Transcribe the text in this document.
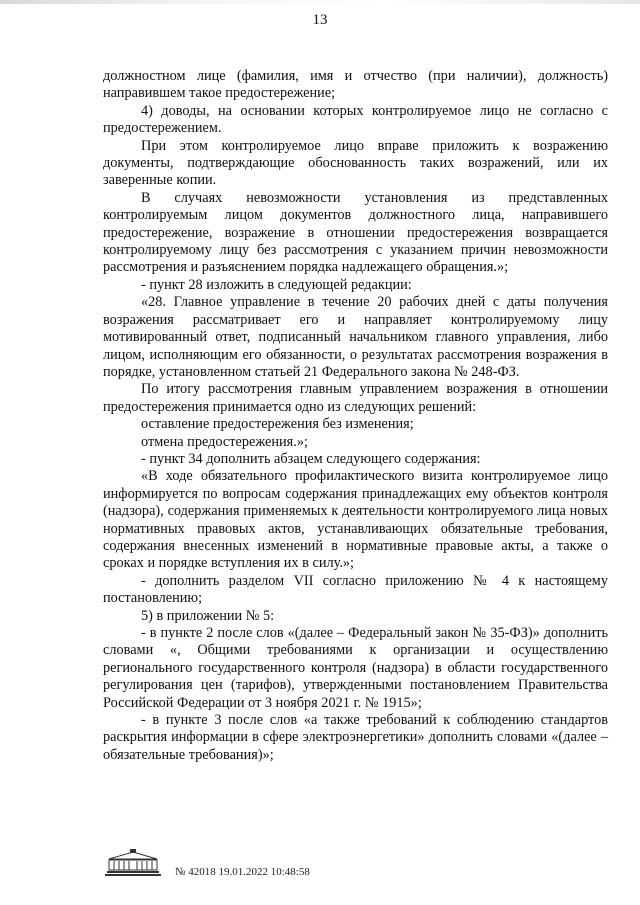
13

должностном лице (фамилия, имя и отчество (при наличии), должность) направившем такое предостережение;

4) доводы, на основании которых контролируемое лицо не согласно с предостережением.

При этом контролируемое лицо вправе приложить к возражению документы, подтверждающие обоснованность таких возражений, или их заверенные копии.

В случаях невозможности установления из представленных контролируемым лицом документов должностного лица, направившего предостережение, возражение в отношении предостережения возвращается контролируемому лицу без рассмотрения с указанием причин невозможности рассмотрения и разъяснением порядка надлежащего обращения.»;

- пункт 28 изложить в следующей редакции:

«28. Главное управление в течение 20 рабочих дней с даты получения возражения рассматривает его и направляет контролируемому лицу мотивированный ответ, подписанный начальником главного управления, либо лицом, исполняющим его обязанности, о результатах рассмотрения возражения в порядке, установленном статьей 21 Федерального закона № 248-ФЗ.

По итогу рассмотрения главным управлением возражения в отношении предостережения принимается одно из следующих решений:

оставление предостережения без изменения;

отмена предостережения.»;

- пункт 34 дополнить абзацем следующего содержания:

«В ходе обязательного профилактического визита контролируемое лицо информируется по вопросам содержания принадлежащих ему объектов контроля (надзора), содержания применяемых к деятельности контролируемого лица новых нормативных правовых актов, устанавливающих обязательные требования, содержания внесенных изменений в нормативные правовые акты, а также о сроках и порядке вступления их в силу.»;

- дополнить разделом VII согласно приложению № 4 к настоящему постановлению;

5) в приложении № 5:

- в пункте 2 после слов «(далее – Федеральный закон № 35-ФЗ)» дополнить словами «, Общими требованиями к организации и осуществлению регионального государственного контроля (надзора) в области государственного регулирования цен (тарифов), утвержденными постановлением Правительства Российской Федерации от 3 ноября 2021 г. № 1915»;

- в пункте 3 после слов «а также требований к соблюдению стандартов раскрытия информации в сфере электроэнергетики» дополнить словами «(далее – обязательные требования)»;

№ 42018 19.01.2022 10:48:58
